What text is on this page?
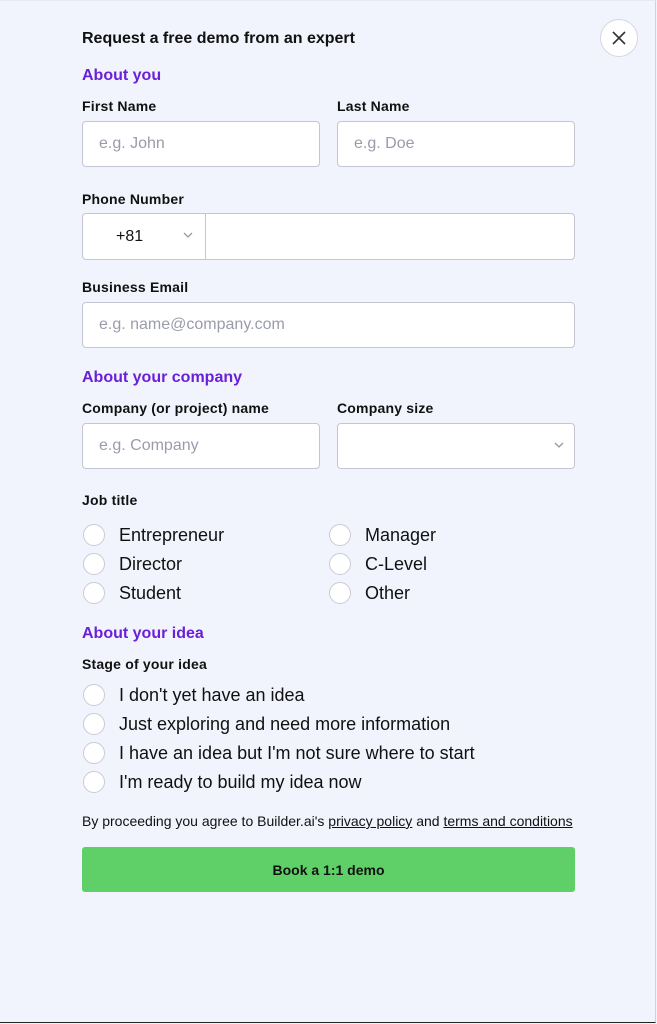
Request a free demo from an expert
About you
First Name	Last Name
e.g. John
e.g. Doe
Phone Number
+81
Business Email
e.g. name@company.com
About your company
Company (or project) name	Company size
e.g. Company
Job title
Entrepreneur	Manager
Director	C-Level
Student	Other
About your idea
Stage of your idea
I don't yet have an idea
Just exploring and need more information
I have an idea but I'm not sure where to start
I'm ready to build my idea now
By proceeding you agree to Builder.ai's privacy policy and terms and conditions
Book a 1:1 demo
